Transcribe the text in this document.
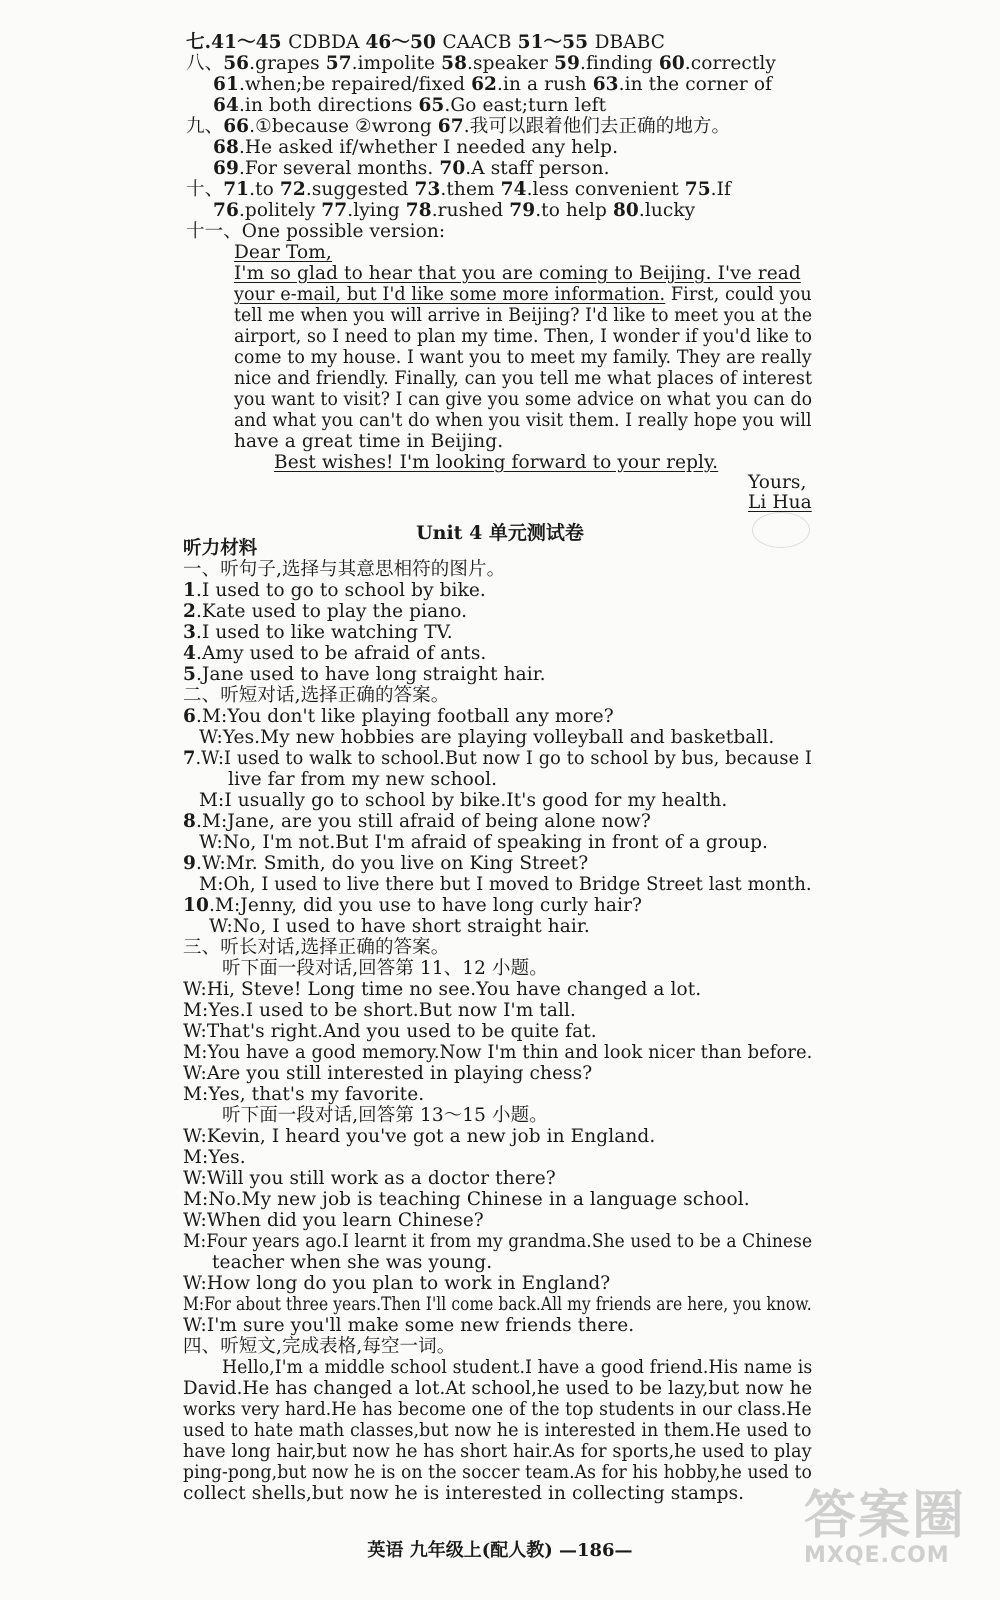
七.41～45 CDBDA 46～50 CAACB 51～55 DBABC
八、56.grapes 57.impolite 58.speaker 59.finding 60.correctly
61.when;be repaired/fixed 62.in a rush 63.in the corner of
64.in both directions 65.Go east;turn left
九、66.①because ②wrong 67.我可以跟着他们去正确的地方。
68.He asked if/whether I needed any help.
69.For several months. 70.A staff person.
十、71.to 72.suggested 73.them 74.less convenient 75.If
76.politely 77.lying 78.rushed 79.to help 80.lucky
十一、One possible version:
Dear Tom,
I'm so glad to hear that you are coming to Beijing. I've read
your e-mail, but I'd like some more information. First, could you
tell me when you will arrive in Beijing? I'd like to meet you at the
airport, so I need to plan my time. Then, I wonder if you'd like to
come to my house. I want you to meet my family. They are really
nice and friendly. Finally, can you tell me what places of interest
you want to visit? I can give you some advice on what you can do
and what you can't do when you visit them. I really hope you will
have a great time in Beijing.
Best wishes! I'm looking forward to your reply.
Yours,
Li Hua
听力材料
一、听句子,选择与其意思相符的图片。
1.I used to go to school by bike.
2.Kate used to play the piano.
3.I used to like watching TV.
4.Amy used to be afraid of ants.
5.Jane used to have long straight hair.
二、听短对话,选择正确的答案。
6.M:You don't like playing football any more?
W:Yes.My new hobbies are playing volleyball and basketball.
7.W:I used to walk to school.But now I go to school by bus, because I
live far from my new school.
M:I usually go to school by bike.It's good for my health.
8.M:Jane, are you still afraid of being alone now?
W:No, I'm not.But I'm afraid of speaking in front of a group.
9.W:Mr. Smith, do you live on King Street?
M:Oh, I used to live there but I moved to Bridge Street last month.
10.M:Jenny, did you use to have long curly hair?
W:No, I used to have short straight hair.
三、听长对话,选择正确的答案。
听下面一段对话,回答第 11、12 小题。
W:Hi, Steve! Long time no see.You have changed a lot.
M:Yes.I used to be short.But now I'm tall.
W:That's right.And you used to be quite fat.
M:You have a good memory.Now I'm thin and look nicer than before.
W:Are you still interested in playing chess?
M:Yes, that's my favorite.
听下面一段对话,回答第 13～15 小题。
W:Kevin, I heard you've got a new job in England.
M:Yes.
W:Will you still work as a doctor there?
M:No.My new job is teaching Chinese in a language school.
W:When did you learn Chinese?
M:Four years ago.I learnt it from my grandma.She used to be a Chinese
teacher when she was young.
W:How long do you plan to work in England?
M:For about three years.Then I'll come back.All my friends are here, you know.
W:I'm sure you'll make some new friends there.
四、听短文,完成表格,每空一词。
Hello,I'm a middle school student.I have a good friend.His name is
David.He has changed a lot.At school,he used to be lazy,but now he
works very hard.He has become one of the top students in our class.He
used to hate math classes,but now he is interested in them.He used to
have long hair,but now he has short hair.As for sports,he used to play
ping-pong,but now he is on the soccer team.As for his hobby,he used to
collect shells,but now he is interested in collecting stamps.
Unit 4 单元测试卷
英语 九年级上(配人教) —186—
答案圈
MXQE.COM
